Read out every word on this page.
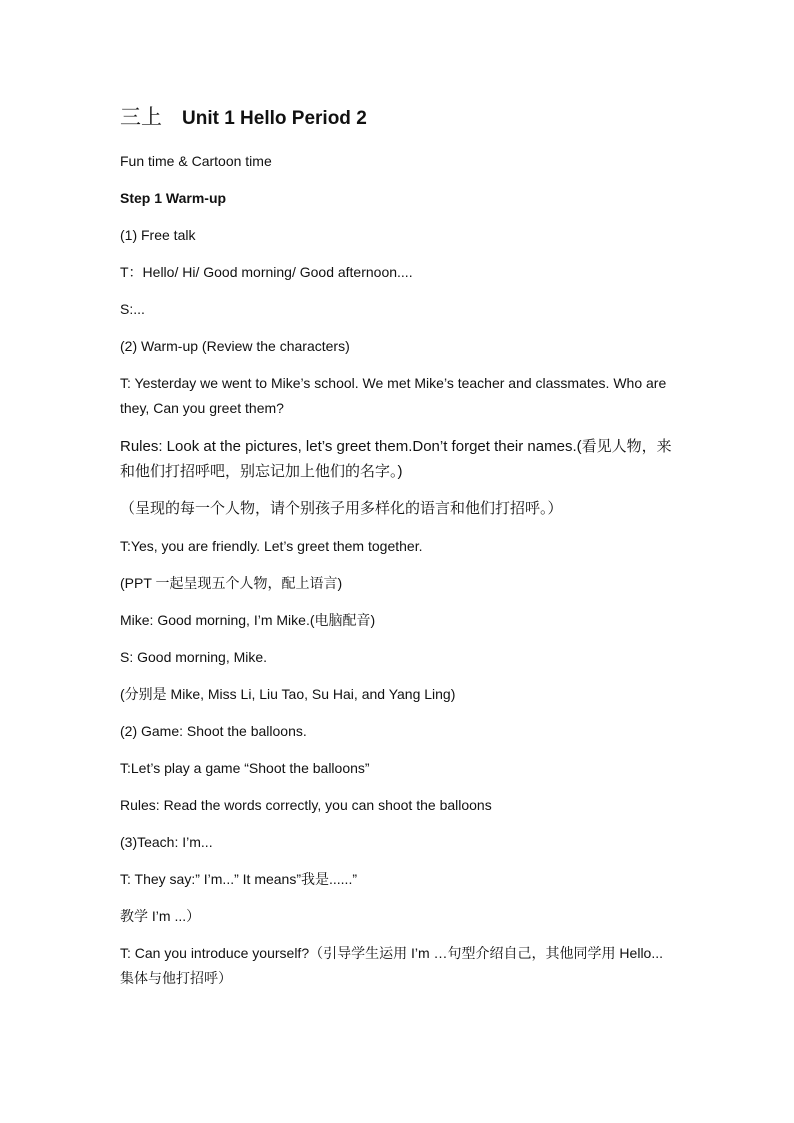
三上 Unit 1 Hello Period 2

Fun time & Cartoon time

Step 1 Warm-up

(1) Free talk

T：Hello/ Hi/ Good morning/ Good afternoon....

S:...

(2) Warm-up (Review the characters)

T: Yesterday we went to Mike’s school. We met Mike’s teacher and classmates. Who are they, Can you greet them?

Rules: Look at the pictures, let’s greet them.Don’t forget their names.(看见人物，来和他们打招呼吧，别忘记加上他们的名字。)

（呈现的每一个人物，请个别孩子用多样化的语言和他们打招呼。）

T:Yes, you are friendly. Let’s greet them together.

(PPT 一起呈现五个人物，配上语言)

Mike: Good morning, I’m Mike.(电脑配音)

S: Good morning, Mike.

(分别是 Mike, Miss Li, Liu Tao, Su Hai, and Yang Ling)

(2) Game: Shoot the balloons.

T:Let’s play a game “Shoot the balloons”

Rules: Read the words correctly, you can shoot the balloons

(3)Teach: I’m...

T: They say:” I’m...” It means”我是......”

教学 I’m ...）

T: Can you introduce yourself?（引导学生运用 I’m …句型介绍自己，其他同学用 Hello... 集体与他打招呼）
